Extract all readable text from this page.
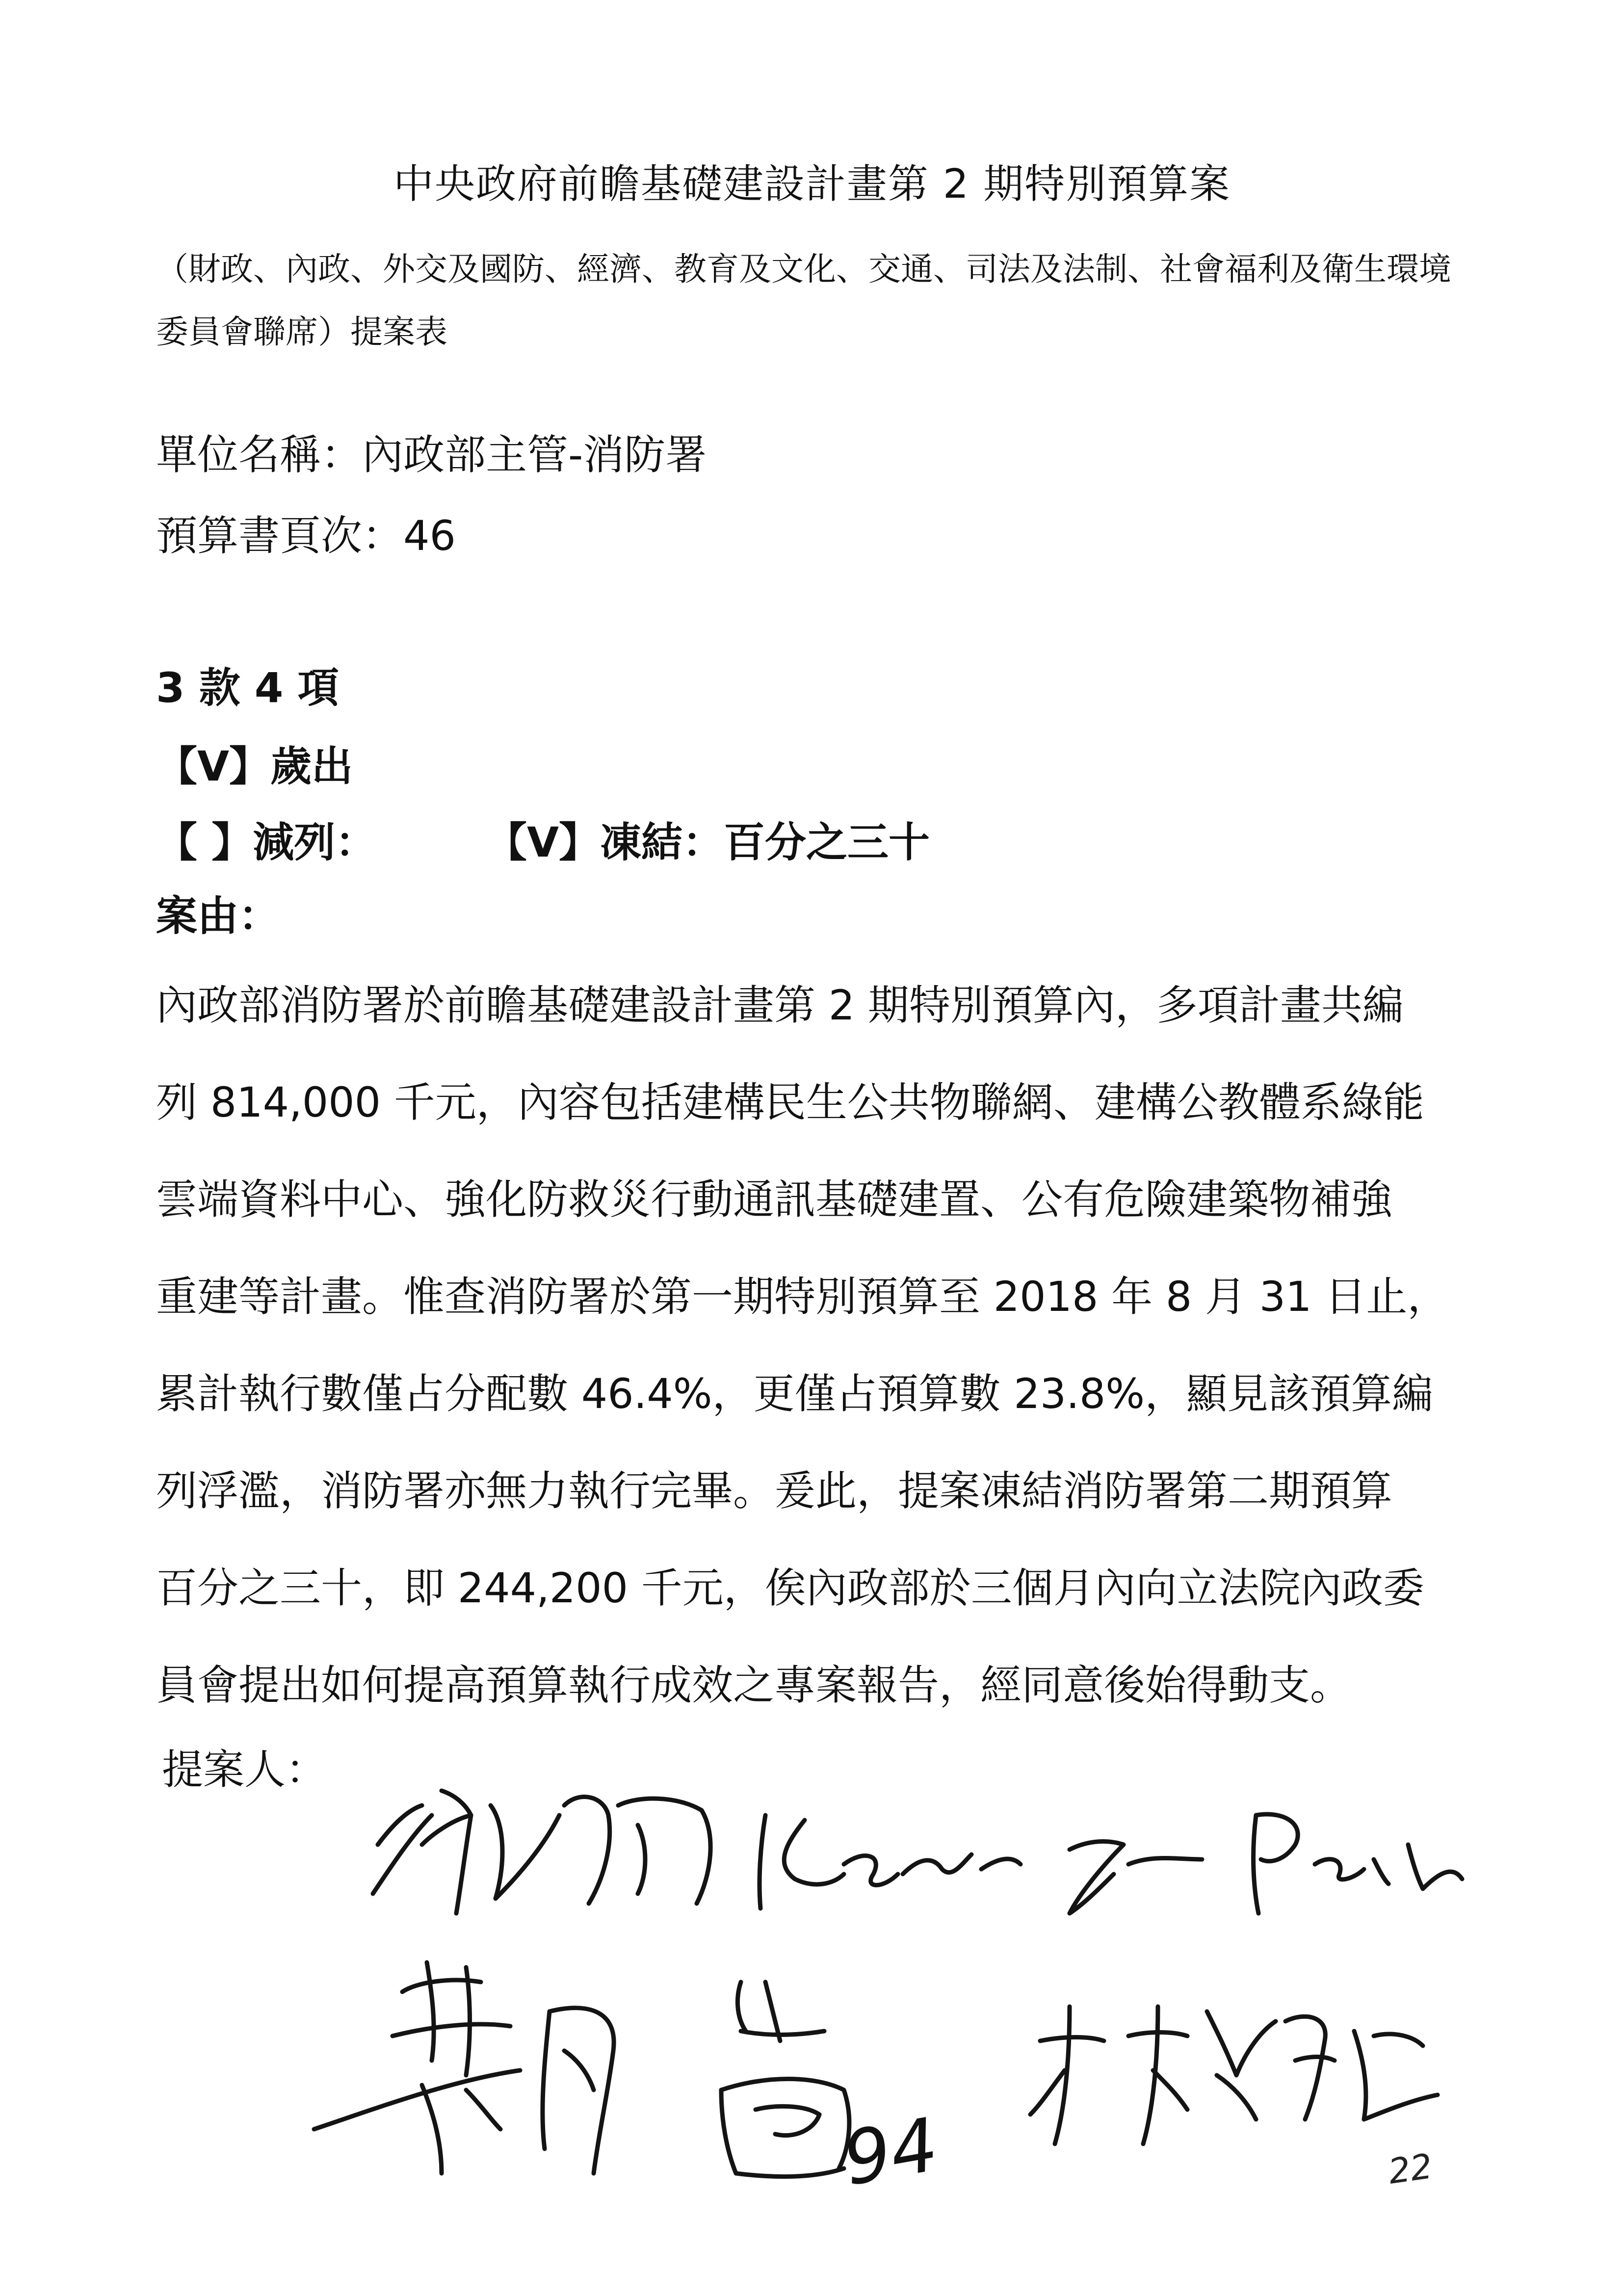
中央政府前瞻基礎建設計畫第 2 期特別預算案
（財政、內政、外交及國防、經濟、教育及文化、交通、司法及法制、社會福利及衛生環境
委員會聯席）提案表
單位名稱：內政部主管-消防署
預算書頁次：46
3 款 4 項
【V】歲出
【 】減列：	【V】凍結：百分之三十
案由：
內政部消防署於前瞻基礎建設計畫第 2 期特別預算內，多項計畫共編
列 814,000 千元，內容包括建構民生公共物聯網、建構公教體系綠能
雲端資料中心、強化防救災行動通訊基礎建置、公有危險建築物補強
重建等計畫。惟查消防署於第一期特別預算至 2018 年 8 月 31 日止，
累計執行數僅占分配數 46.4%，更僅占預算數 23.8%，顯見該預算編
列浮濫，消防署亦無力執行完畢。爰此，提案凍結消防署第二期預算
百分之三十，即 244,200 千元，俟內政部於三個月內向立法院內政委
員會提出如何提高預算執行成效之專案報告，經同意後始得動支。
提案人：
94	22
